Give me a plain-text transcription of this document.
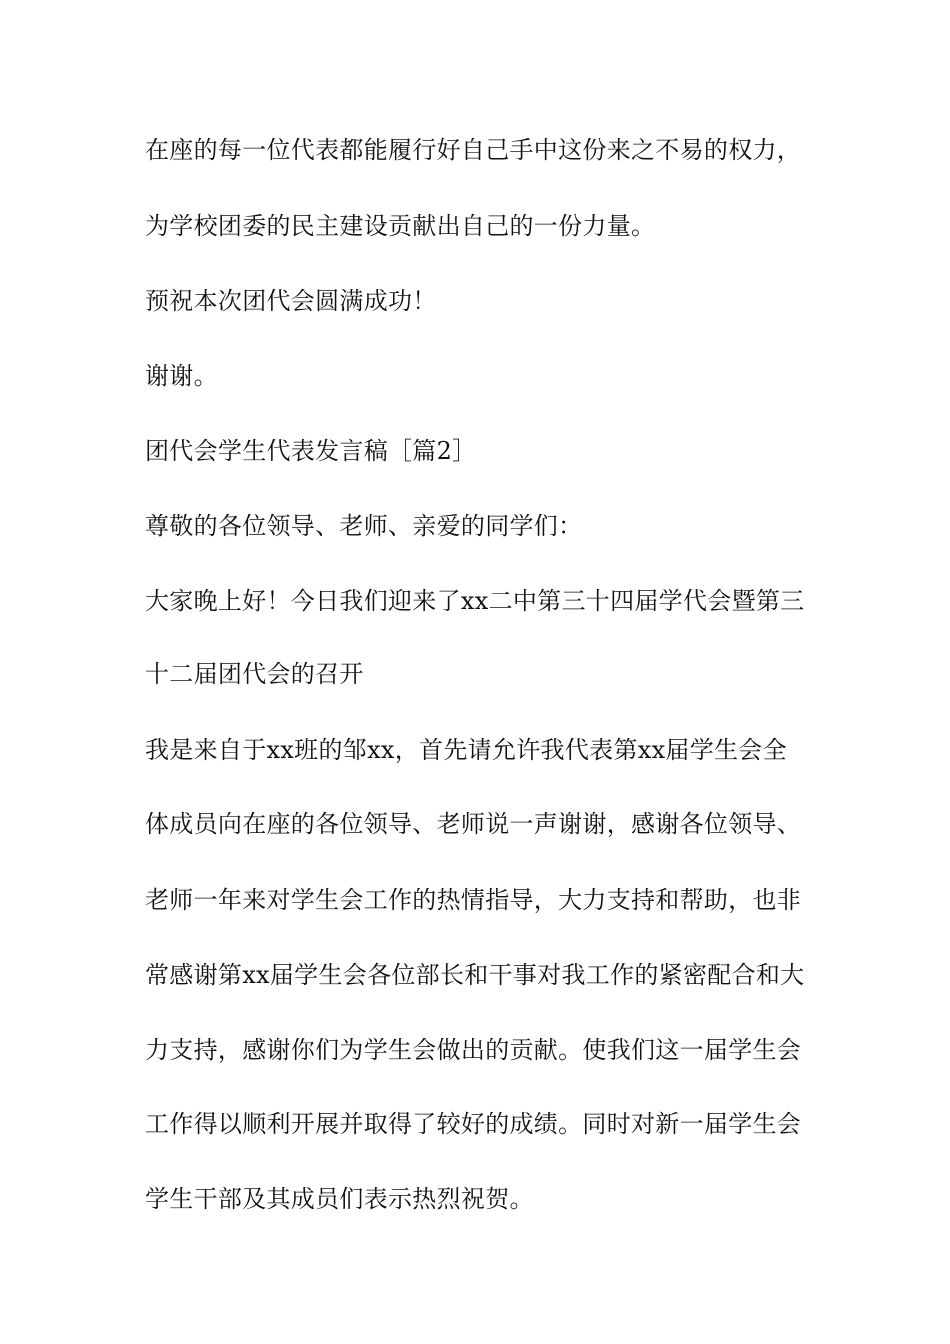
在座的每一位代表都能履行好自己手中这份来之不易的权力，
为学校团委的民主建设贡献出自己的一份力量。
预祝本次团代会圆满成功！
谢谢。
团代会学生代表发言稿［篇2］
尊敬的各位领导、老师、亲爱的同学们：
大家晚上好！今日我们迎来了xx二中第三十四届学代会暨第三
十二届团代会的召开
我是来自于xx班的邹xx，首先请允许我代表第xx届学生会全
体成员向在座的各位领导、老师说一声谢谢，感谢各位领导、
老师一年来对学生会工作的热情指导，大力支持和帮助，也非
常感谢第xx届学生会各位部长和干事对我工作的紧密配合和大
力支持，感谢你们为学生会做出的贡献。使我们这一届学生会
工作得以顺利开展并取得了较好的成绩。同时对新一届学生会
学生干部及其成员们表示热烈祝贺。
